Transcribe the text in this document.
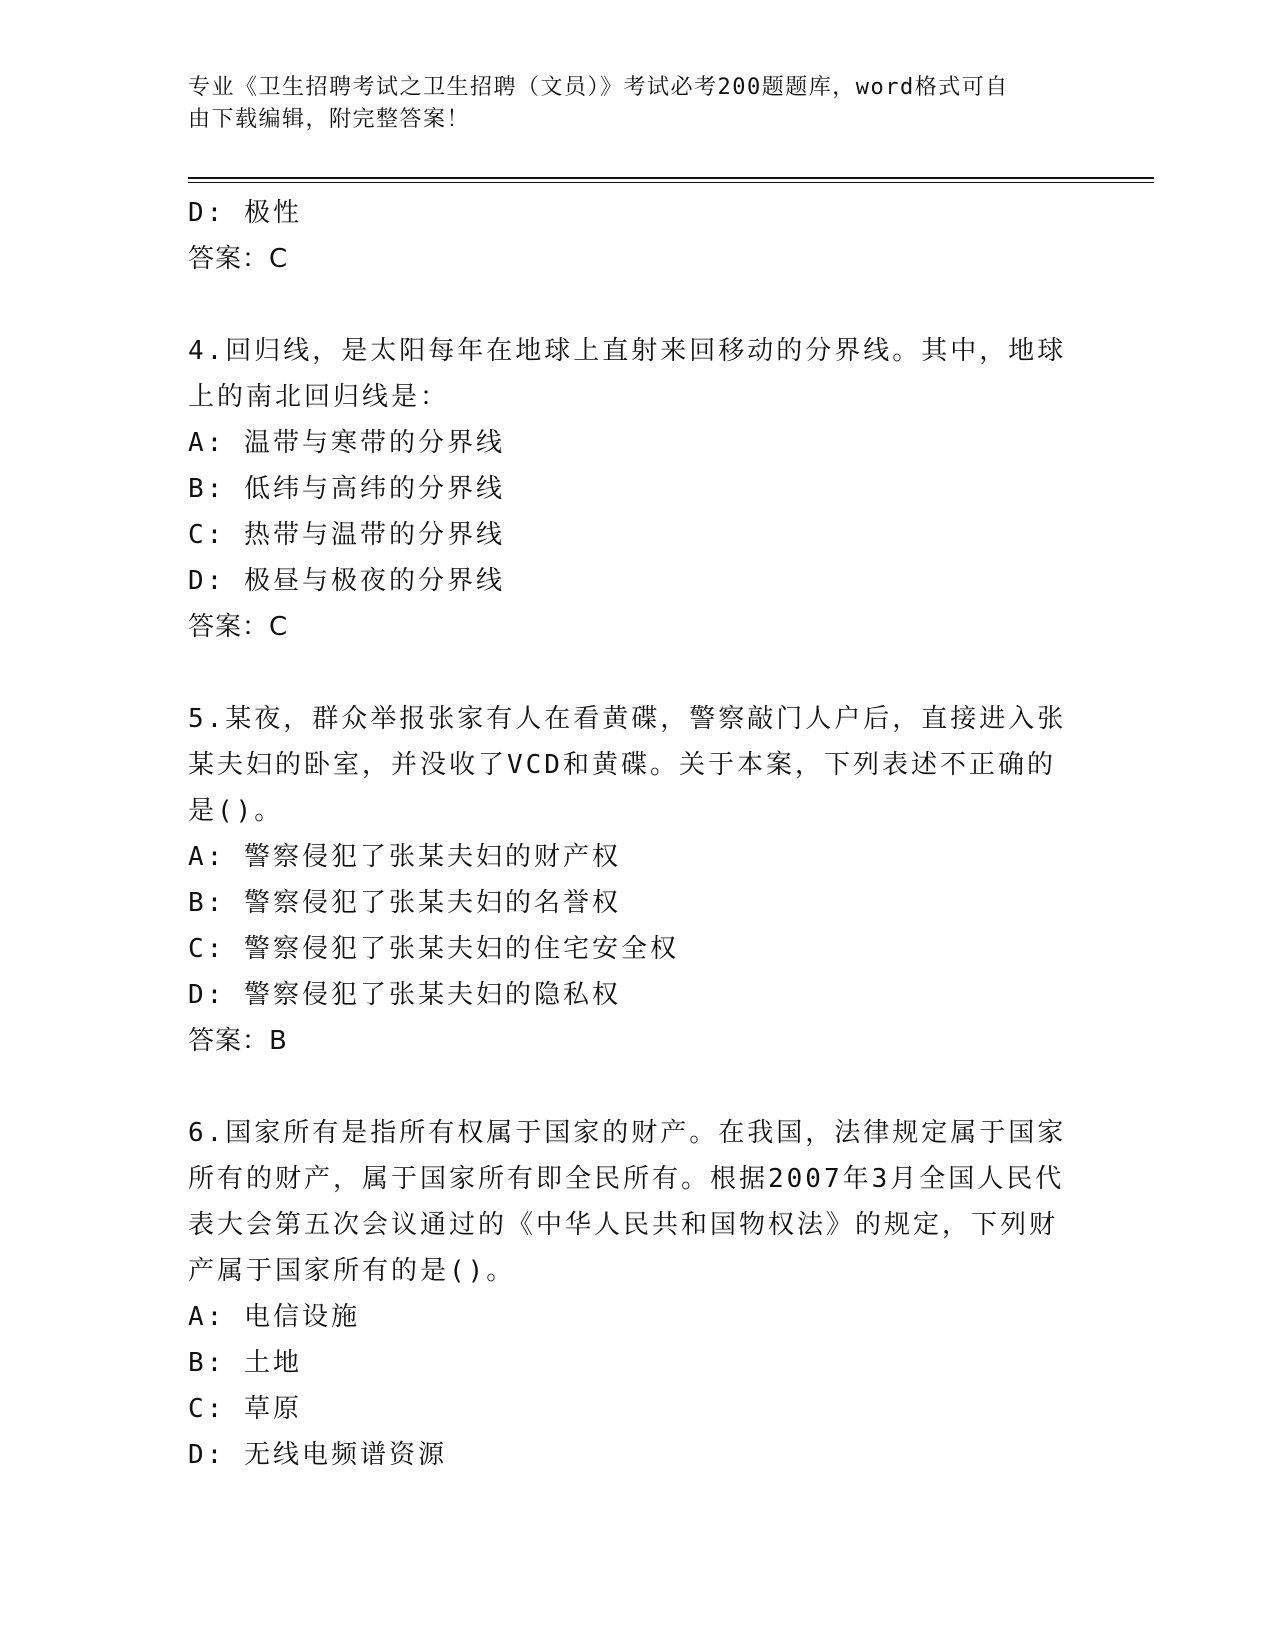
专业《卫生招聘考试之卫生招聘（文员）》考试必考200题题库，word格式可自
由下载编辑，附完整答案！
D: 极性
答案：C
4.回归线，是太阳每年在地球上直射来回移动的分界线。其中，地球
上的南北回归线是：
A: 温带与寒带的分界线
B: 低纬与高纬的分界线
C: 热带与温带的分界线
D: 极昼与极夜的分界线
答案：C
5.某夜，群众举报张家有人在看黄碟，警察敲门人户后，直接进入张
某夫妇的卧室，并没收了VCD和黄碟。关于本案，下列表述不正确的
是()。
A: 警察侵犯了张某夫妇的财产权
B: 警察侵犯了张某夫妇的名誉权
C: 警察侵犯了张某夫妇的住宅安全权
D: 警察侵犯了张某夫妇的隐私权
答案：B
6.国家所有是指所有权属于国家的财产。在我国，法律规定属于国家
所有的财产，属于国家所有即全民所有。根据2007年3月全国人民代
表大会第五次会议通过的《中华人民共和国物权法》的规定，下列财
产属于国家所有的是()。
A: 电信设施
B: 土地
C: 草原
D: 无线电频谱资源
